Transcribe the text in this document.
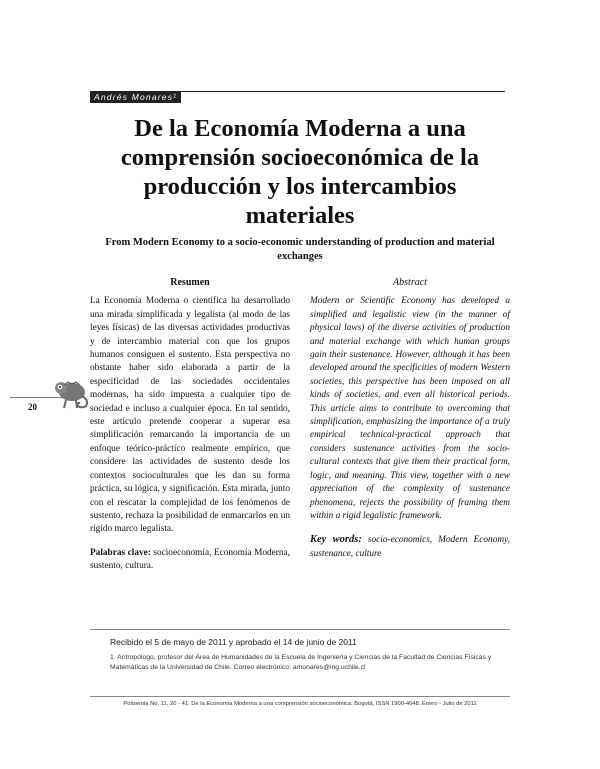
Andrés Monares¹
De la Economía Moderna a una comprensión socioeconómica de la producción y los intercambios materiales
From Modern Economy to a socio-economic understanding of production and material exchanges
Resumen

La Economía Moderna o científica ha desarrollado una mirada simplificada y legalista (al modo de las leyes físicas) de las diversas actividades productivas y de intercambio material con que los grupos humanos consiguen el sustento. Esta perspectiva no obstante haber sido elaborada a partir de la especificidad de las sociedades occidentales modernas, ha sido impuesta a cualquier tipo de sociedad e incluso a cualquier época. En tal sentido, este artículo pretende cooperar a superar esa simplificación remarcando la importancia de un enfoque teórico-práctico realmente empírico, que considere las actividades de sustento desde los contextos socioculturales que les dan su forma práctica, su lógica, y significación. Esta mirada, junto con el rescatar la complejidad de los fenómenos de sustento, rechaza la posibilidad de enmarcarlos en un rígido marco legalista.

Palabras clave: socioeconomía, Economía Moderna, sustento, cultura.
Abstract

Modern or Scientific Economy has developed a simplified and legalistic view (in the manner of physical laws) of the diverse activities of production and material exchange with which human groups gain their sustenance. However, although it has been developed around the specificities of modern Western societies, this perspective has been imposed on all kinds of societies, and even all historical periods. This article aims to contribute to overcoming that simplification, emphasizing the importance of a truly empirical technical-practical approach that considers sustenance activities from the socio-cultural contexts that give them their practical form, logic, and meaning. This view, together with a new appreciation of the complexity of sustenance phenomena, rejects the possibility of framing them within a rigid legalistic framework.

Key words: socio-economics, Modern Economy, sustenance, culture
20
Recibido el 5 de mayo de 2011 y aprobado el 14 de junio de 2011
1. Antropólogo, profesor del Área de Humanidades de la Escuela de Ingeniería y Ciencias de la Facultad de Ciencias Físicas y Matemáticas de la Universidad de Chile. Correo electrónico: amonares@ing.uchile.cl
Polisemia No. 11, 20 - 41. De la Economía Moderna a una comprensión socioeconómica. Bogotá, ISSN 1900-4648. Enero - Julio de 2011
